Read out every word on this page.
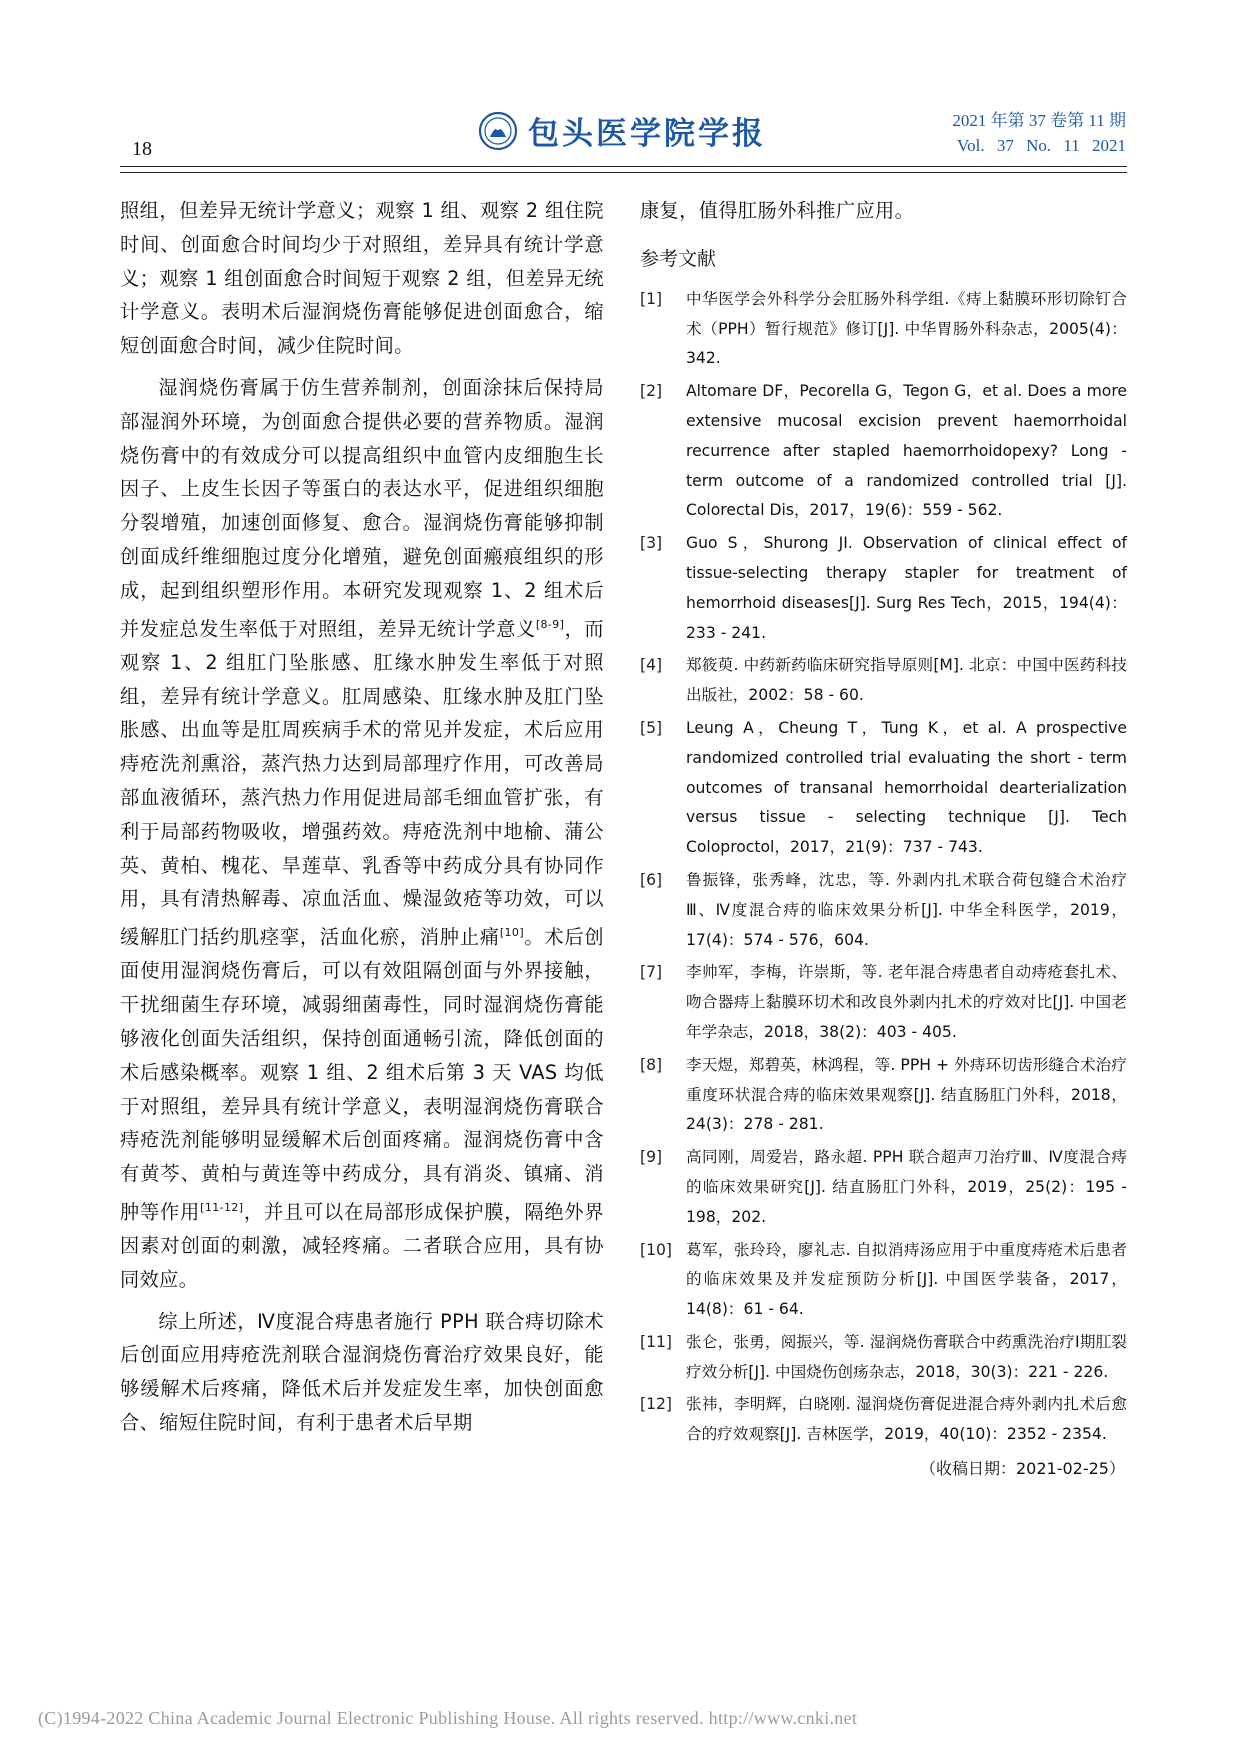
18	包头医学院学报	2021 年第 37 卷第 11 期
Vol. 37 No. 11 2021

照组，但差异无统计学意义；观察 1 组、观察 2 组住院时间、创面愈合时间均少于对照组，差异具有统计学意义；观察 1 组创面愈合时间短于观察 2 组，但差异无统计学意义。表明术后湿润烧伤膏能够促进创面愈合，缩短创面愈合时间，减少住院时间。

湿润烧伤膏属于仿生营养制剂，创面涂抹后保持局部湿润外环境，为创面愈合提供必要的营养物质。湿润烧伤膏中的有效成分可以提高组织中血管内皮细胞生长因子、上皮生长因子等蛋白的表达水平，促进组织细胞分裂增殖，加速创面修复、愈合。湿润烧伤膏能够抑制创面成纤维细胞过度分化增殖，避免创面瘢痕组织的形成，起到组织塑形作用。本研究发现观察 1、2 组术后并发症总发生率低于对照组，差异无统计学意义[8-9]，而观察 1、2 组肛门坠胀感、肛缘水肿发生率低于对照组，差异有统计学意义。肛周感染、肛缘水肿及肛门坠胀感、出血等是肛周疾病手术的常见并发症，术后应用痔疮洗剂熏浴，蒸汽热力达到局部理疗作用，可改善局部血液循环，蒸汽热力作用促进局部毛细血管扩张，有利于局部药物吸收，增强药效。痔疮洗剂中地榆、蒲公英、黄柏、槐花、旱莲草、乳香等中药成分具有协同作用，具有清热解毒、凉血活血、燥湿敛疮等功效，可以缓解肛门括约肌痉挛，活血化瘀，消肿止痛[10]。术后创面使用湿润烧伤膏后，可以有效阻隔创面与外界接触，干扰细菌生存环境，减弱细菌毒性，同时湿润烧伤膏能够液化创面失活组织，保持创面通畅引流，降低创面的术后感染概率。观察 1 组、2 组术后第 3 天 VAS 均低于对照组，差异具有统计学意义，表明湿润烧伤膏联合痔疮洗剂能够明显缓解术后创面疼痛。湿润烧伤膏中含有黄芩、黄柏与黄连等中药成分，具有消炎、镇痛、消肿等作用[11-12]，并且可以在局部形成保护膜，隔绝外界因素对创面的刺激，减轻疼痛。二者联合应用，具有协同效应。

综上所述，Ⅳ度混合痔患者施行 PPH 联合痔切除术后创面应用痔疮洗剂联合湿润烧伤膏治疗效果良好，能够缓解术后疼痛，降低术后并发症发生率，加快创面愈合、缩短住院时间，有利于患者术后早期

康复，值得肛肠外科推广应用。

参考文献
[1]	中华医学会外科学分会肛肠外科学组.《痔上黏膜环形切除钉合术（PPH）暂行规范》修订[J]. 中华胃肠外科杂志，2005(4)：342.
[2]	Altomare DF，Pecorella G，Tegon G，et al. Does a more extensive mucosal excision prevent haemorrhoidal recurrence after stapled haemorrhoidopexy? Long - term outcome of a randomized controlled trial [J]. Colorectal Dis，2017，19(6)：559 - 562.
[3]	Guo S，Shurong JI. Observation of clinical effect of tissue-selecting therapy stapler for treatment of hemorrhoid diseases[J]. Surg Res Tech，2015，194(4)：233 - 241.
[4]	郑筱萸. 中药新药临床研究指导原则[M]. 北京：中国中医药科技出版社，2002：58 - 60.
[5]	Leung A，Cheung T，Tung K，et al. A prospective randomized controlled trial evaluating the short - term outcomes of transanal hemorrhoidal dearterialization versus tissue - selecting technique [J]. Tech Coloproctol，2017，21(9)：737 - 743.
[6]	鲁振锋，张秀峰，沈忠，等. 外剥内扎术联合荷包缝合术治疗Ⅲ、Ⅳ度混合痔的临床效果分析[J]. 中华全科医学，2019，17(4)：574 - 576，604.
[7]	李帅军，李梅，许崇斯，等. 老年混合痔患者自动痔疮套扎术、吻合器痔上黏膜环切术和改良外剥内扎术的疗效对比[J]. 中国老年学杂志，2018，38(2)：403 - 405.
[8]	李天煜，郑碧英，林鸿程，等. PPH + 外痔环切齿形缝合术治疗重度环状混合痔的临床效果观察[J]. 结直肠肛门外科，2018，24(3)：278 - 281.
[9]	高同刚，周爱岩，路永超. PPH 联合超声刀治疗Ⅲ、Ⅳ度混合痔的临床效果研究[J]. 结直肠肛门外科，2019，25(2)：195 - 198，202.
[10] 葛军，张玲玲，廖礼志. 自拟消痔汤应用于中重度痔疮术后患者的临床效果及并发症预防分析[J]. 中国医学装备，2017，14(8)：61 - 64.
[11] 张仑，张勇，阅振兴，等. 湿润烧伤膏联合中药熏洗治疗Ⅰ期肛裂疗效分析[J]. 中国烧伤创疡杂志，2018，30(3)：221 - 226.
[12] 张祎，李明辉，白晓刚. 湿润烧伤膏促进混合痔外剥内扎术后愈合的疗效观察[J]. 吉林医学，2019，40(10)：2352 - 2354.
（收稿日期：2021-02-25）
(C)1994-2022 China Academic Journal Electronic Publishing House. All rights reserved. http://www.cnki.net
